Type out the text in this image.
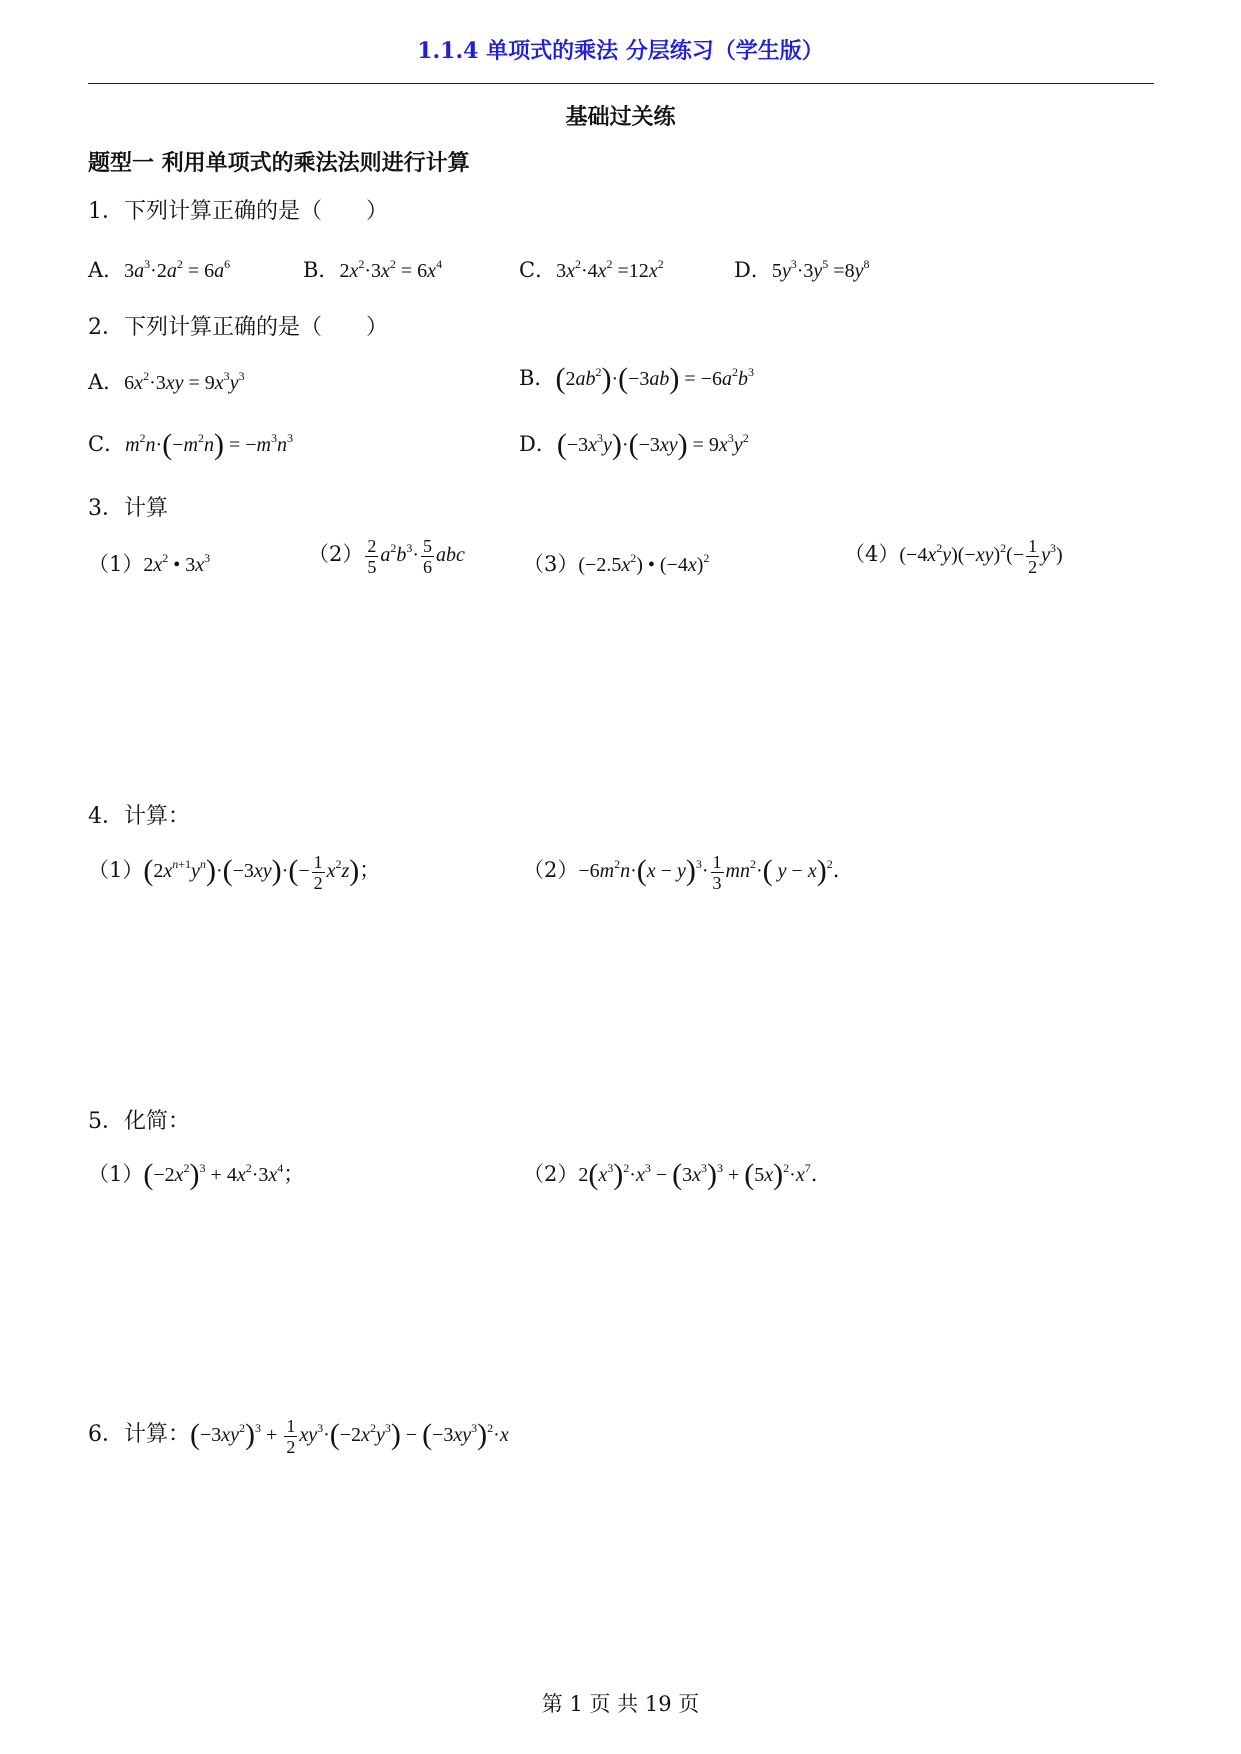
1.1.4 单项式的乘法 分层练习（学生版）
基础过关练
题型一 利用单项式的乘法法则进行计算
1．下列计算正确的是（　　）
A．$3a^3\cdot 2a^2 = 6a^6$	B．$2x^2\cdot 3x^2 = 6x^4$	C．$3x^2\cdot 4x^2 =12x^2$	D．$5y^3\cdot 3y^5 =8y^8$
2．下列计算正确的是（　　）
A．$6x^2\cdot 3xy = 9x^3y^3$	B．$(2ab^2)\cdot(-3ab) = -6a^2b^3$
C．$m^2n\cdot(-m^2n) = -m^3n^3$	D．$(-3x^3y)\cdot(-3xy) = 9x^3y^2$
3．计算
$(1)2x^2$ • $3x^3$	$(2) \frac{2}{5} a^2b^3\cdot \frac{5}{6}$ abc	$(3)(-2.5x^2)$ • $(-4x)^2$	$(4)(-4x^2y)(-xy)^2(- \frac{1}{2} y^3)$
4．计算：
$(1)(2x^{n+1}y^n)\cdot(-3xy)\cdot(- \frac{1}{2} x^2z)$；	$(2)-6m^2n\cdot(x - y)^3\cdot \frac{1}{3} mn^2\cdot$( y − x)$^2$.
5．化简：
$(1)(-2x^2)^3 + 4x^2\cdot 3x^4$；	$(2)2(x^3)^2\cdot x^3 - (3x^3)^3 + (5x)^2\cdot x^7$.
6．计算：$(-3xy^2)^3 + \frac{1}{2} xy^3\cdot(-2x^2y^3) - (-3xy^3)^2\cdot x$
第 1 页 共 19 页
